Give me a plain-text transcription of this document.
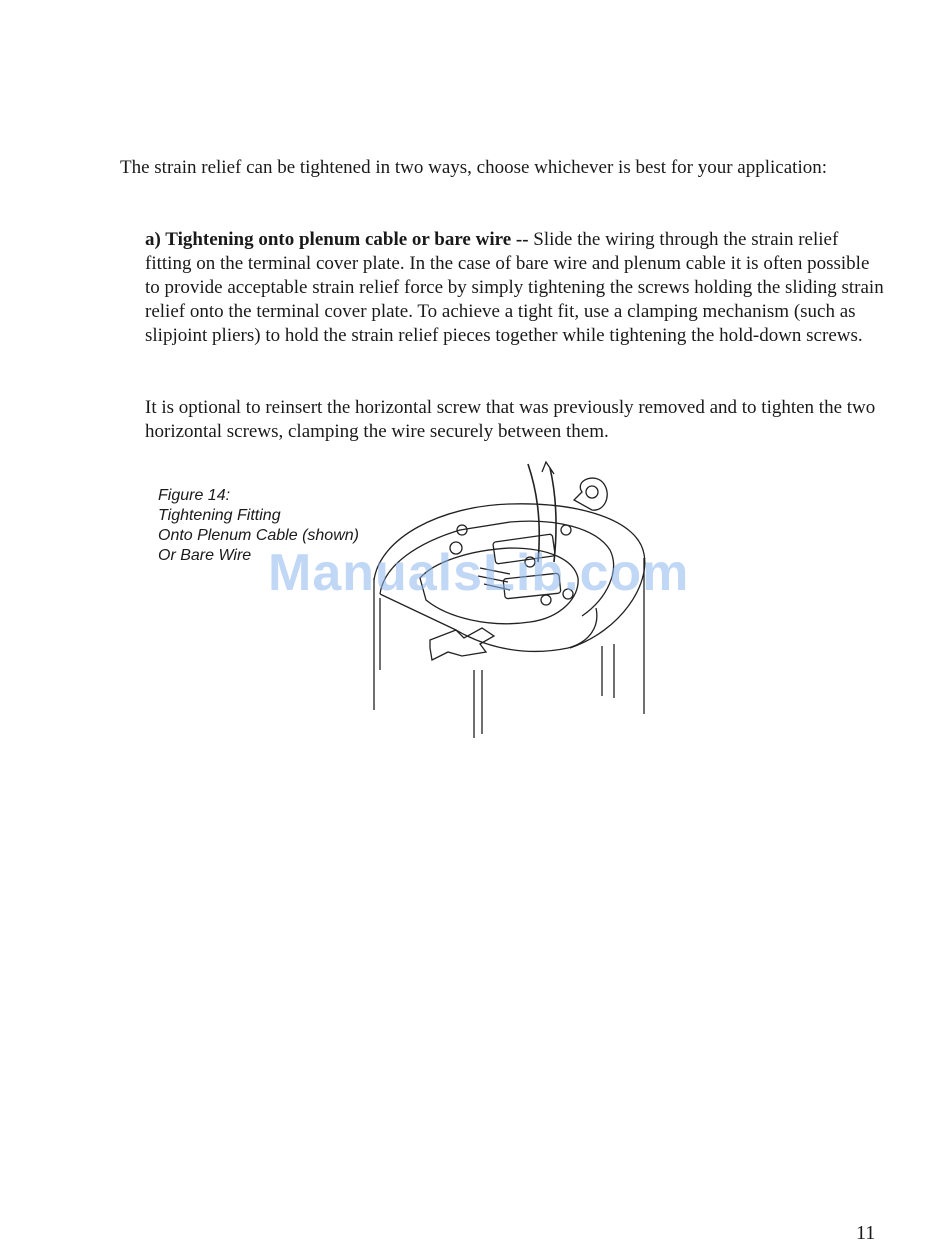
The strain relief can be tightened in two ways, choose whichever is best for your application:

a) Tightening onto plenum cable or bare wire -- Slide the wiring through the strain relief fitting on the terminal cover plate. In the case of bare wire and plenum cable it is often possible to provide acceptable strain relief force by simply tightening the screws holding the sliding strain relief onto the terminal cover plate. To achieve a tight fit, use a clamping mechanism (such as slipjoint pliers) to hold the strain relief pieces together while tightening the hold-down screws.

It is optional to reinsert the horizontal screw that was previously removed and to tighten the two horizontal screws, clamping the wire securely between them.

Figure 14:
Tightening Fitting
Onto Plenum Cable (shown)
Or Bare Wire ManualsLib.com
11
